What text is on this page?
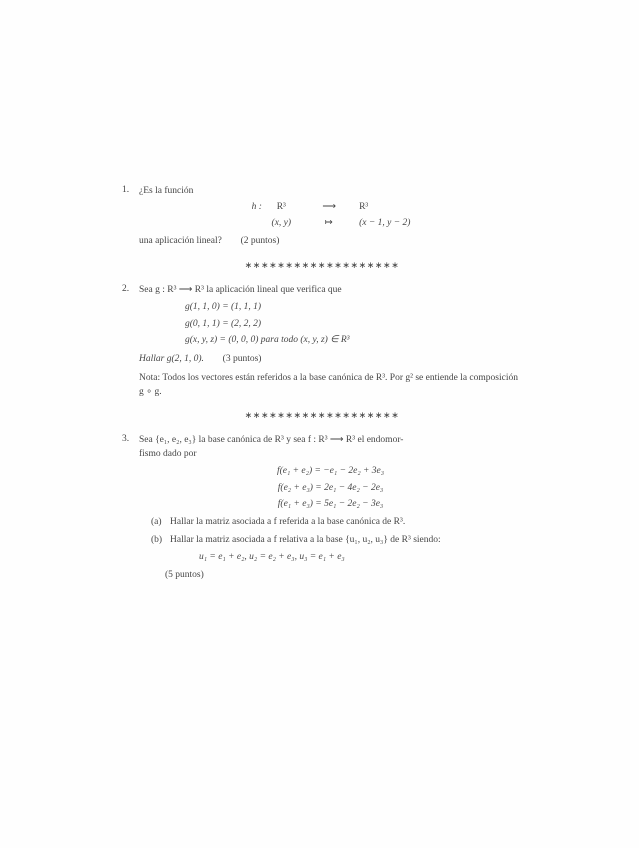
1.	¿Es la función
h : R³	⟶	R³
(x, y)	↦	(x − 1, y − 2)
una aplicación lineal? (2 puntos)
∗∗∗∗∗∗∗∗∗∗∗∗∗∗∗∗∗∗∗
2.	Sea g : R³ ⟶ R³ la aplicación lineal que verifica que
g(1, 1, 0) = (1, 1, 1)
g(0, 1, 1) = (2, 2, 2)
g(x, y, z) = (0, 0, 0) para todo (x, y, z) ∈ R³
Hallar g(2, 1, 0). (3 puntos)
Nota: Todos los vectores están referidos a la base canónica de R³. Por g² se entiende la composición g ∘ g.
∗∗∗∗∗∗∗∗∗∗∗∗∗∗∗∗∗∗∗
3.	Sea {e₁, e₂, e₃} la base canónica de R³ y sea f : R³ ⟶ R³ el endomor-
fismo dado por
f(e₁ + e₂) = −e₁ − 2e₂ + 3e₃
f(e₂ + e₃) = 2e₁ − 4e₂ − 2e₃
f(e₁ + e₃) = 5e₁ − 2e₂ − 3e₃
(a) Hallar la matriz asociada a f referida a la base canónica de R³.
(b) Hallar la matriz asociada a f relativa a la base {u₁, u₂, u₃} de R³ siendo:
u₁ = e₁ + e₂, u₂ = e₂ + e₃, u₃ = e₁ + e₃
(5 puntos)
